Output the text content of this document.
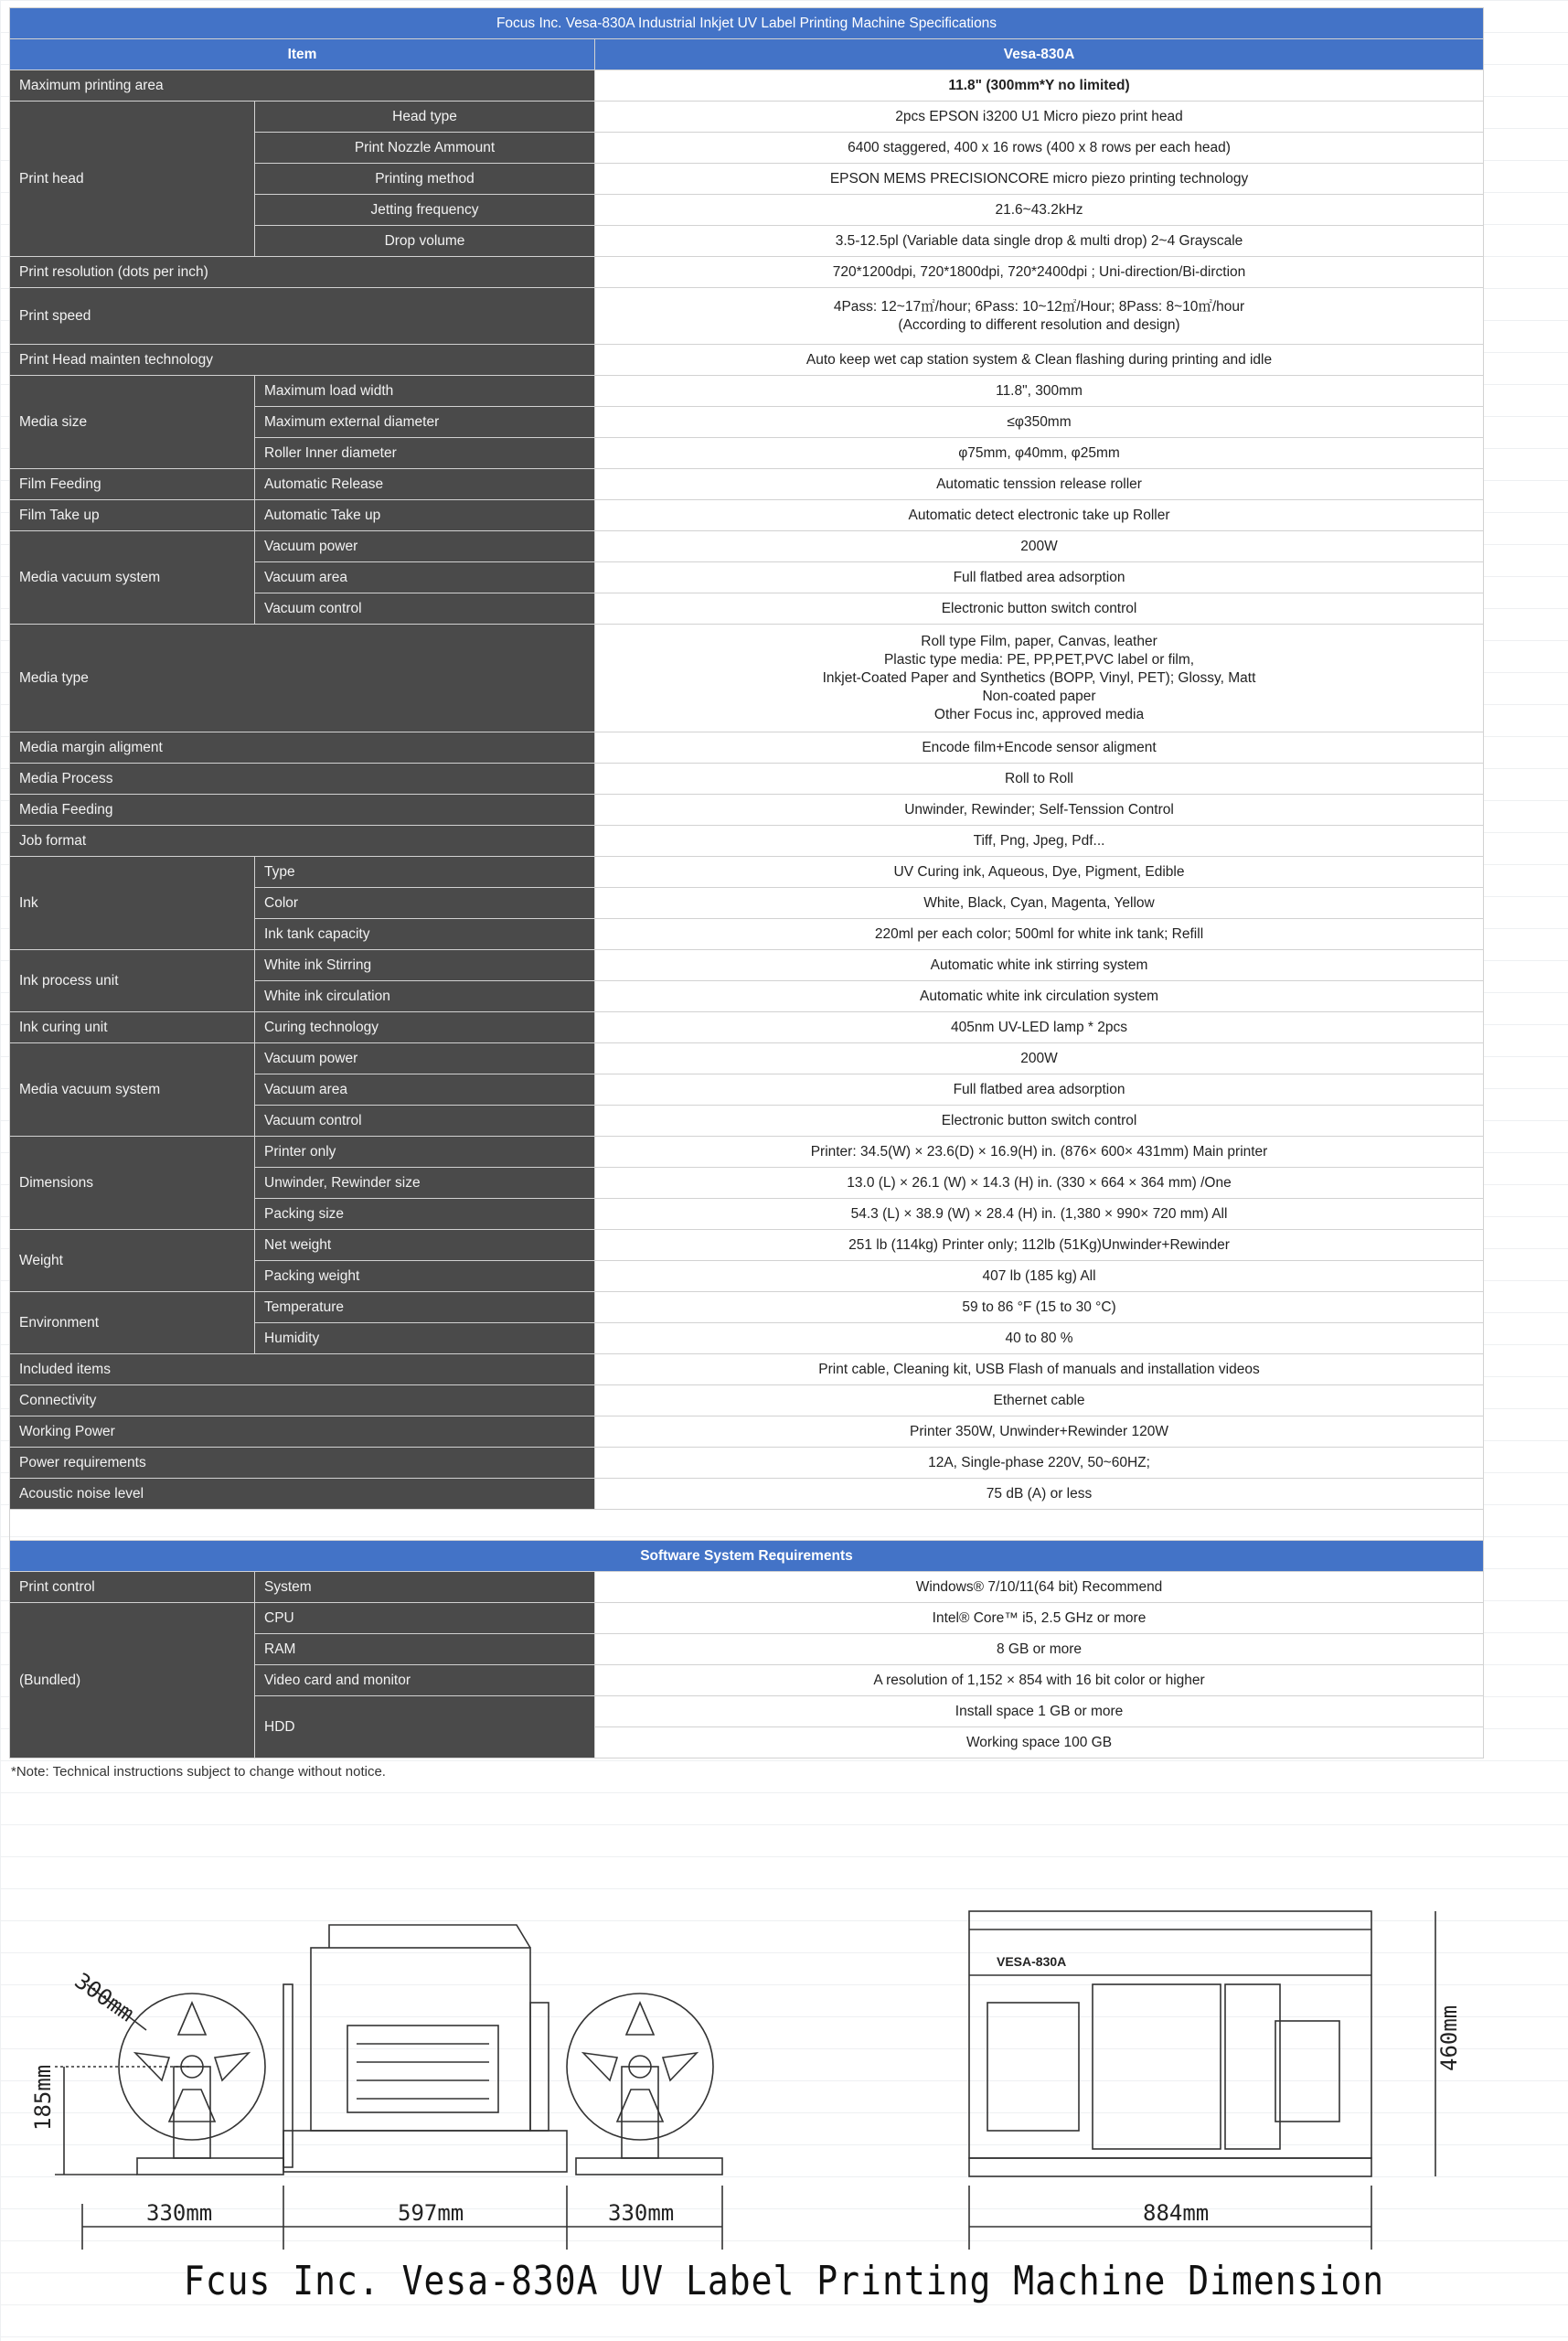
Focus Inc. Vesa-830A Industrial Inkjet UV Label Printing Machine Specifications		
Item		Vesa-830A
Maximum printing area		11.8" (300mm*Y no limited)
Print head	Head type	2pcs EPSON i3200 U1 Micro piezo print head
	Print Nozzle Ammount	6400 staggered, 400 x 16 rows (400 x 8 rows per each head)
	Printing method	EPSON MEMS PRECISIONCORE micro piezo printing technology
	Jetting frequency	21.6~43.2kHz
	Drop volume	3.5-12.5pl (Variable data single drop & multi drop) 2~4 Grayscale
Print resolution (dots per inch)		720*1200dpi, 720*1800dpi, 720*2400dpi ; Uni-direction/Bi-dirction
Print speed		4Pass: 12~17㎡/hour; 6Pass: 10~12㎡/Hour; 8Pass: 8~10㎡/hour
(According to different resolution and design)

Print Head mainten technology		Auto keep wet cap station system & Clean flashing during printing and idle
Media size	Maximum load width	11.8", 300mm
	Maximum external diameter	≤φ350mm
	Roller Inner diameter	φ75mm, φ40mm, φ25mm
Film Feeding	Automatic Release	Automatic tenssion release roller
Film Take up	Automatic Take up	Automatic detect electronic take up Roller
Media vacuum system	Vacuum power	200W
	Vacuum area	Full flatbed area adsorption
	Vacuum control	Electronic button switch control
Media type		Roll type Film, paper, Canvas, leather
Plastic type media: PE, PP,PET,PVC label or film,
Inkjet-Coated Paper and Synthetics (BOPP, Vinyl, PET); Glossy, Matt
Non-coated paper
Other Focus inc, approved media

Media margin aligment		Encode film+Encode sensor aligment
Media Process		Roll to Roll
Media Feeding		Unwinder, Rewinder; Self-Tenssion Control
Job format		Tiff, Png, Jpeg, Pdf...
Ink	Type	UV Curing ink, Aqueous, Dye, Pigment, Edible
	Color	White, Black, Cyan, Magenta, Yellow
	Ink tank capacity	220ml per each color; 500ml for white ink tank; Refill
Ink process unit	White ink Stirring	Automatic white ink stirring system
	White ink circulation	Automatic white ink circulation system
Ink curing unit	Curing technology	405nm UV-LED lamp * 2pcs
Media vacuum system	Vacuum power	200W
	Vacuum area	Full flatbed area adsorption
	Vacuum control	Electronic button switch control
Dimensions	Printer only	Printer: 34.5(W) × 23.6(D) × 16.9(H) in. (876× 600× 431mm) Main printer
	Unwinder, Rewinder size	13.0 (L) × 26.1 (W) × 14.3 (H) in. (330 × 664 × 364 mm) /One
	Packing size	54.3 (L) × 38.9 (W) × 28.4 (H) in. (1,380 × 990× 720 mm) All
Weight	Net weight	251 lb (114kg) Printer only; 112lb (51Kg)Unwinder+Rewinder
	Packing weight	407 lb (185 kg) All
Environment	Temperature	59 to 86 °F (15 to 30 °C)
	Humidity	40 to 80 %
Included items		Print cable, Cleaning kit, USB Flash of manuals and installation videos
Connectivity		Ethernet cable
Working Power		Printer 350W, Unwinder+Rewinder 120W
Power requirements		12A, Single-phase 220V, 50~60HZ;
Acoustic noise level		75 dB (A) or less

Software System Requirements		
Print control	System	Windows® 7/10/11(64 bit) Recommend
(Bundled)	CPU	Intel® Core™ i5, 2.5 GHz or more
	RAM	8 GB or more
	Video card and monitor	A resolution of 1,152 × 854 with 16 bit color or higher
	HDD	Install space 1 GB or more
		Working space 100 GB
*Note: Technical instructions subject to change without notice.
300mm
185mm
330mm	597mm	330mm
VESA-830A
460mm
884mm
Fcus Inc. Vesa-830A UV Label Printing Machine Dimension
